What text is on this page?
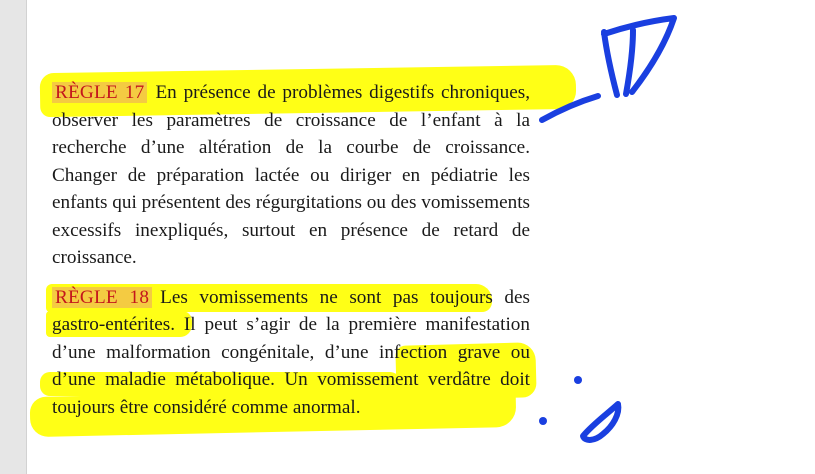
RÈGLE 17 En présence de problèmes digestifs chroniques, observer les paramètres de croissance de l’enfant à la recherche d’une altération de la courbe de croissance. Changer de préparation lactée ou diriger en pédiatrie les enfants qui présentent des régurgitations ou des vomissements excessifs inexpliqués, surtout en présence de retard de croissance.

RÈGLE 18 Les vomissements ne sont pas toujours des gastro-entérites. Il peut s’agir de la première manifestation d’une malformation congénitale, d’une infection grave ou d’une maladie métabolique. Un vomissement verdâtre doit toujours être considéré comme anormal.
